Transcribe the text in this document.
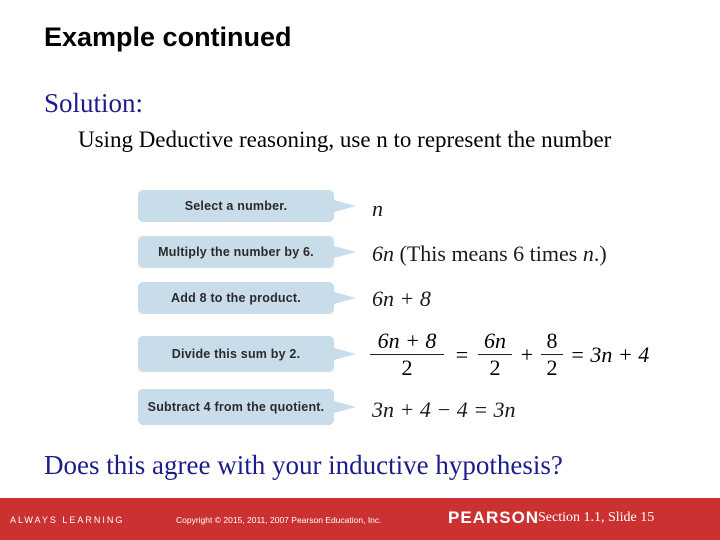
Example continued
Solution:
Using Deductive reasoning, use n to represent the number
Select a number.	n
Multiply the number by 6.	6n (This means 6 times n.)
Add 8 to the product.	6n + 8
Divide this sum by 2.	$\frac{6n + 8}{2} = \frac{6n}{2} + \frac{8}{2} = 3n + 4$
Subtract 4 from the quotient.	3n + 4 − 4 = 3n
Does this agree with your inductive hypothesis?
ALWAYS LEARNING	Copyright © 2015, 2011, 2007 Pearson Education, Inc.	PEARSON
Section 1.1, Slide 15
